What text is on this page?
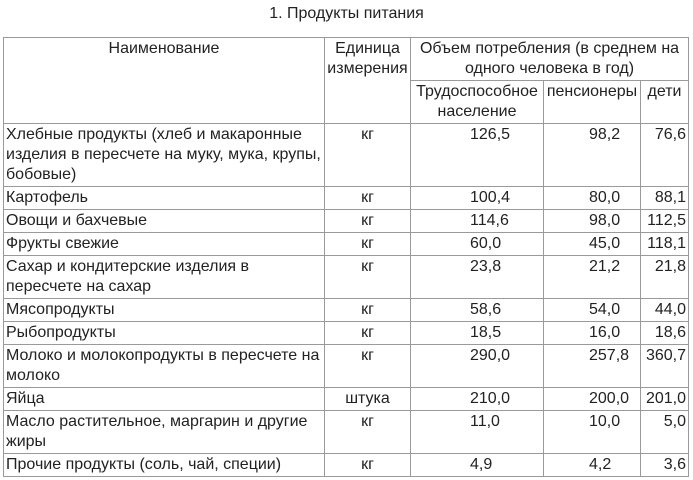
1. Продукты питания
Наименование	Единица измерения	Объем потребления (в среднем на одного человека в год)		
		Трудоспособное население	пенсионеры	дети
Хлебные продукты (хлеб и макаронные изделия в пересчете на муку, мука, крупы, бобовые)	кг	126,5	98,2	76,6
Картофель	кг	100,4	80,0	88,1
Овощи и бахчевые	кг	114,6	98,0	112,5
Фрукты свежие	кг	60,0	45,0	118,1
Сахар и кондитерские изделия в пересчете на сахар	кг	23,8	21,2	21,8
Мясопродукты	кг	58,6	54,0	44,0
Рыбопродукты	кг	18,5	16,0	18,6
Молоко и молокопродукты в пересчете на молоко	кг	290,0	257,8	360,7
Яйца	штука	210,0	200,0	201,0
Масло растительное, маргарин и другие жиры	кг	11,0	10,0	5,0
Прочие продукты (соль, чай, специи)	кг	4,9	4,2	3,6
